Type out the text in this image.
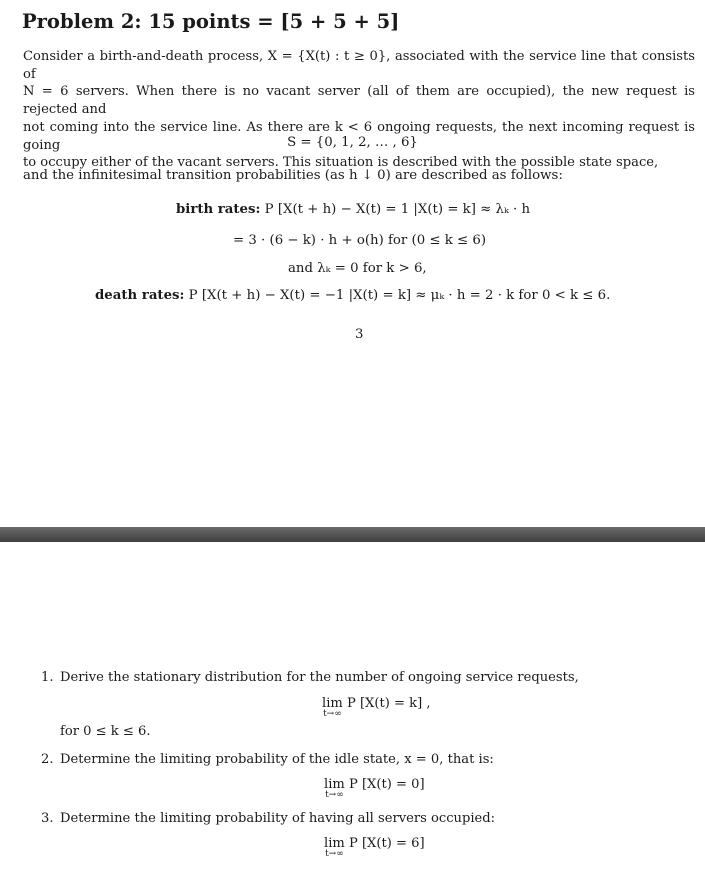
Problem 2: 15 points = [5 + 5 + 5]
Consider a birth-and-death process, X = {X(t) : t ≥ 0}, associated with the service line that consists of
N = 6 servers. When there is no vacant server (all of them are occupied), the new request is rejected and
not coming into the service line. As there are k < 6 ongoing requests, the next incoming request is going
to occupy either of the vacant servers. This situation is described with the possible state space,
S = {0, 1, 2, … , 6}
and the infinitesimal transition probabilities (as h ↓ 0) are described as follows:
birth rates: P [X(t + h) − X(t) = 1 |X(t) = k] ≈ λₖ · h
= 3 · (6 − k) · h + o(h) for (0 ≤ k ≤ 6)
and λₖ = 0 for k > 6,
death rates: P [X(t + h) − X(t) = −1 |X(t) = k] ≈ μₖ · h = 2 · k for 0 < k ≤ 6.
3
1. Derive the stationary distribution for the number of ongoing service requests,
lim
t→∞
P [X(t) = k] ,
for 0 ≤ k ≤ 6.
2. Determine the limiting probability of the idle state, x = 0, that is:
lim
t→∞
P [X(t) = 0]
3. Determine the limiting probability of having all servers occupied:
lim
t→∞
P [X(t) = 6]
